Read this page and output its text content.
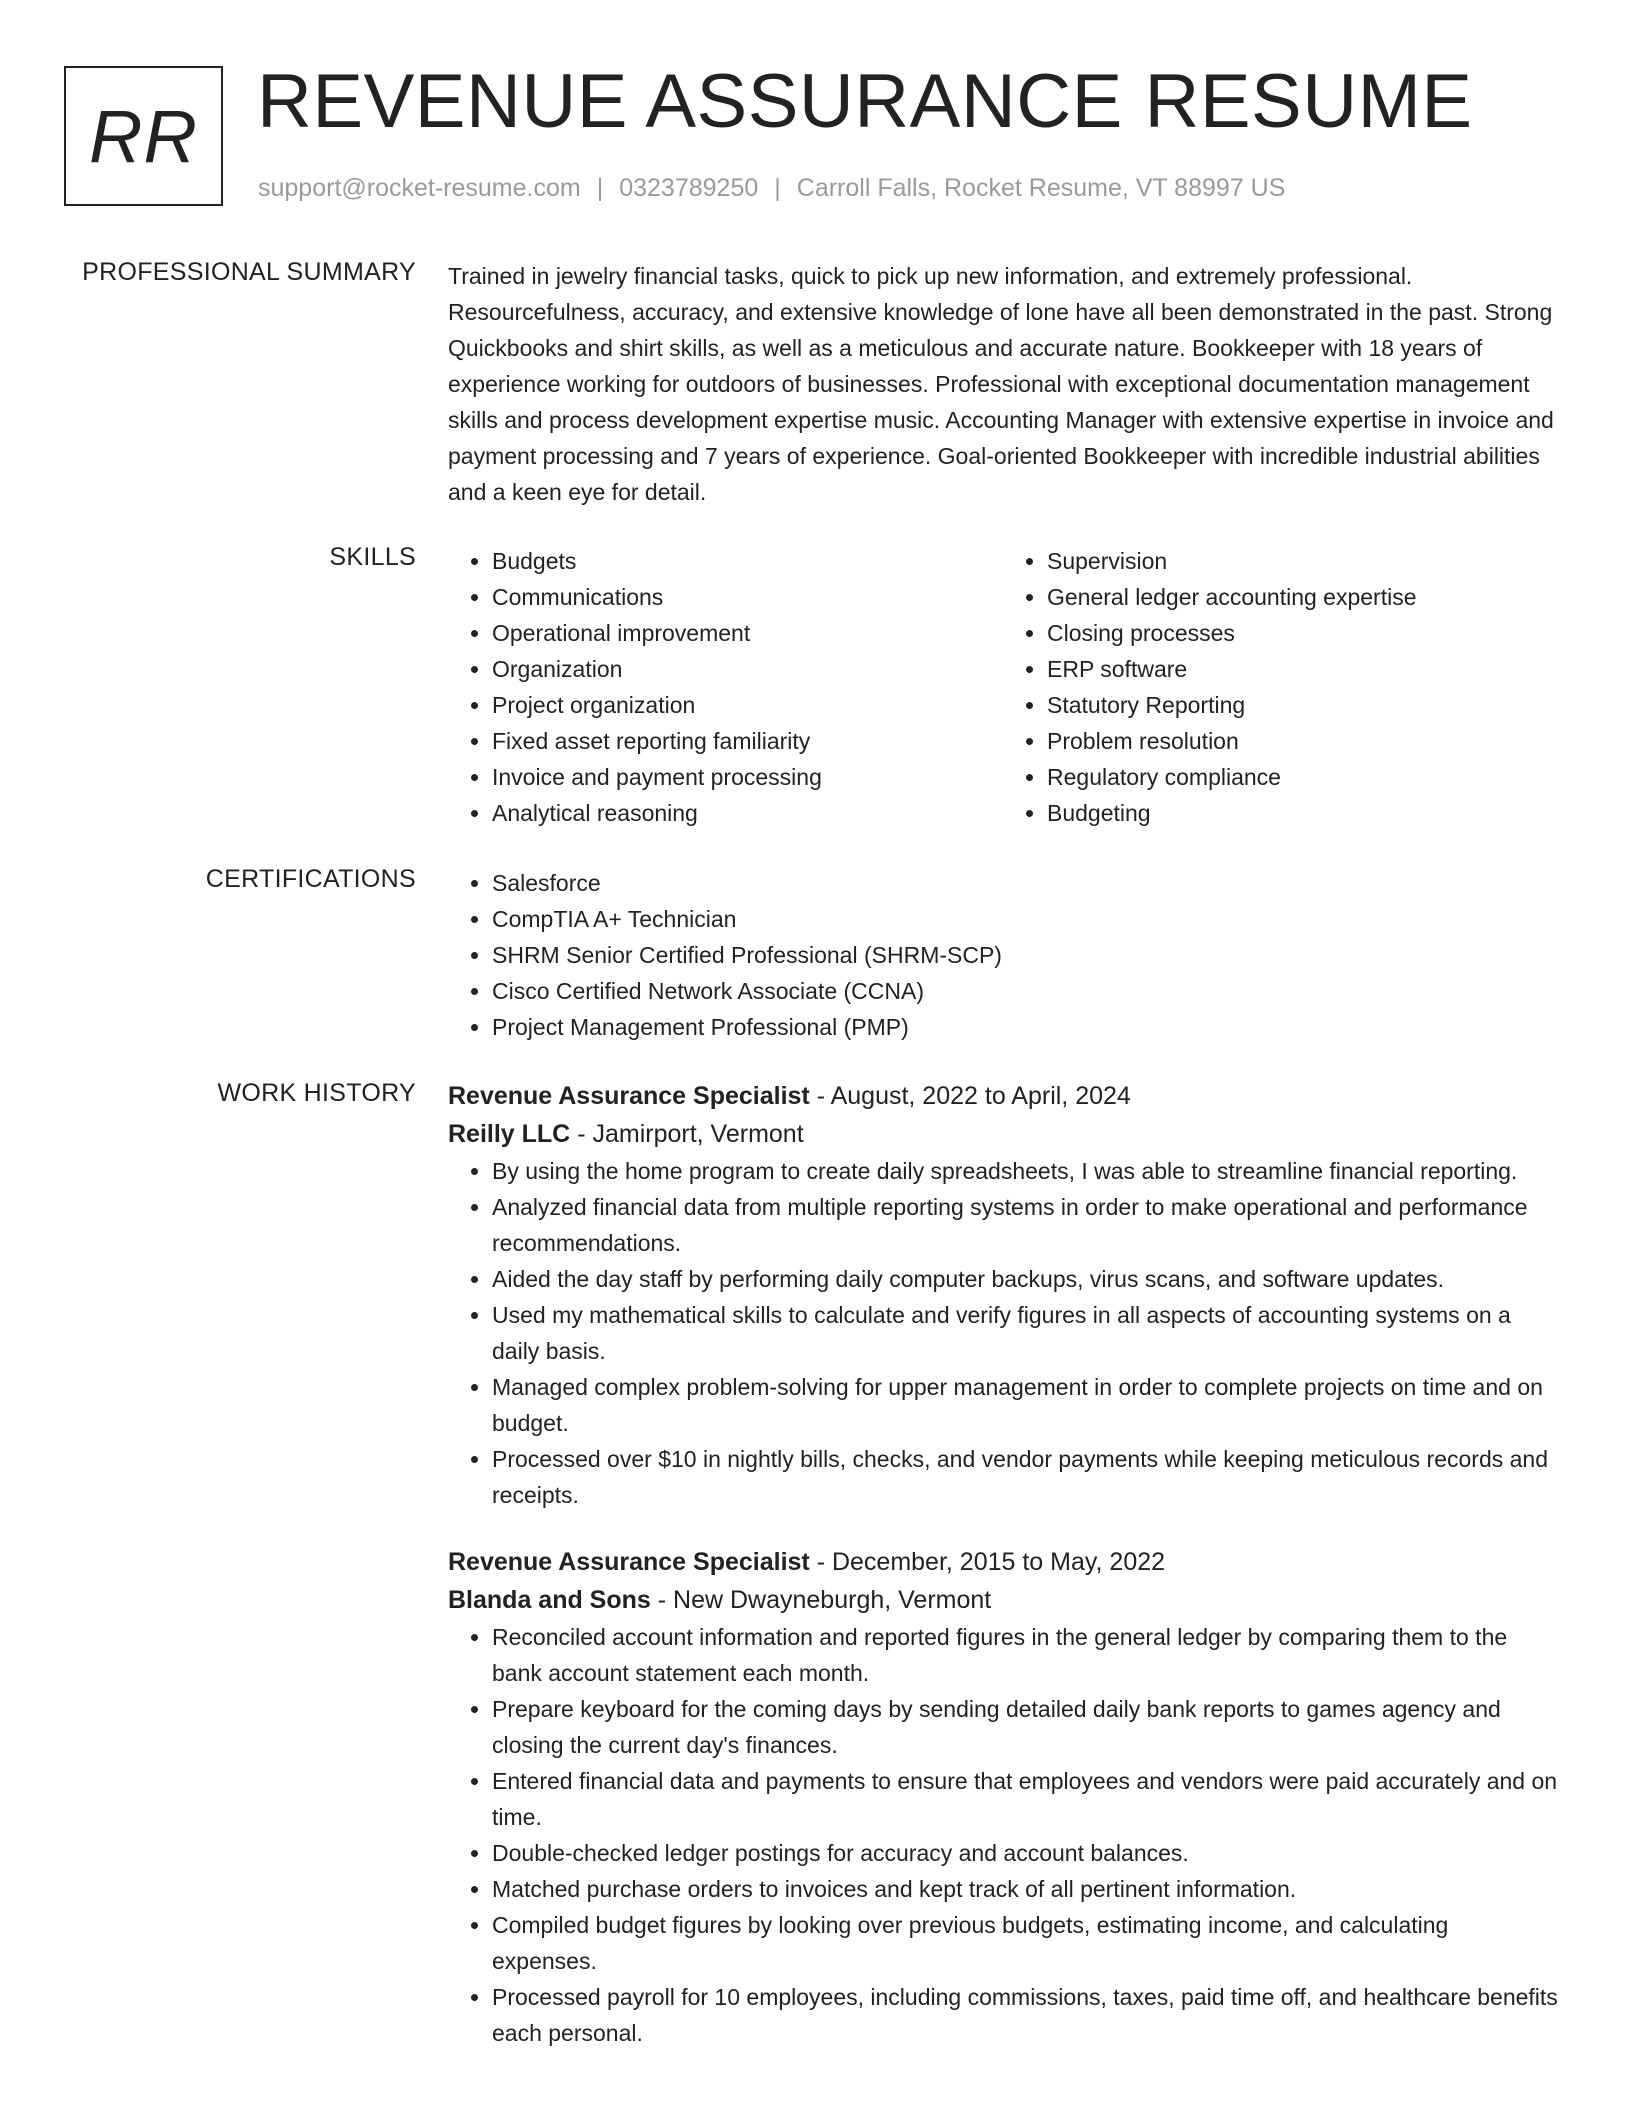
RR REVENUE ASSURANCE RESUME
support@rocket-resume.com | 0323789250 | Carroll Falls, Rocket Resume, VT 88997 US
PROFESSIONAL SUMMARY Trained in jewelry financial tasks, quick to pick up new information, and extremely professional. Resourcefulness, accuracy, and extensive knowledge of lone have all been demonstrated in the past. Strong Quickbooks and shirt skills, as well as a meticulous and accurate nature. Bookkeeper with 18 years of experience working for outdoors of businesses. Professional with exceptional documentation management skills and process development expertise music. Accounting Manager with extensive expertise in invoice and payment processing and 7 years of experience. Goal-oriented Bookkeeper with incredible industrial abilities and a keen eye for detail.

SKILLS	• Budgets
• Communications
• Operational improvement
• Organization
• Project organization
• Fixed asset reporting familiarity
• Invoice and payment processing
• Analytical reasoning
• Supervision
• General ledger accounting expertise
• Closing processes
• ERP software
• Statutory Reporting
• Problem resolution
• Regulatory compliance
• Budgeting
CERTIFICATIONS	• Salesforce
• CompTIA A+ Technician
• SHRM Senior Certified Professional (SHRM-SCP)
• Cisco Certified Network Associate (CCNA)
• Project Management Professional (PMP)
WORK HISTORY Revenue Assurance Specialist - August, 2022 to April, 2024
Reilly LLC - Jamirport, Vermont
• By using the home program to create daily spreadsheets, I was able to streamline financial reporting.
• Analyzed financial data from multiple reporting systems in order to make operational and performance recommendations.
• Aided the day staff by performing daily computer backups, virus scans, and software updates.
• Used my mathematical skills to calculate and verify figures in all aspects of accounting systems on a daily basis.
• Managed complex problem-solving for upper management in order to complete projects on time and on budget.
• Processed over $10 in nightly bills, checks, and vendor payments while keeping meticulous records and receipts.
Revenue Assurance Specialist - December, 2015 to May, 2022
Blanda and Sons - New Dwayneburgh, Vermont
• Reconciled account information and reported figures in the general ledger by comparing them to the bank account statement each month.
• Prepare keyboard for the coming days by sending detailed daily bank reports to games agency and closing the current day's finances.
• Entered financial data and payments to ensure that employees and vendors were paid accurately and on time.
• Double-checked ledger postings for accuracy and account balances.
• Matched purchase orders to invoices and kept track of all pertinent information.
• Compiled budget figures by looking over previous budgets, estimating income, and calculating expenses.
• Processed payroll for 10 employees, including commissions, taxes, paid time off, and healthcare benefits each personal.
